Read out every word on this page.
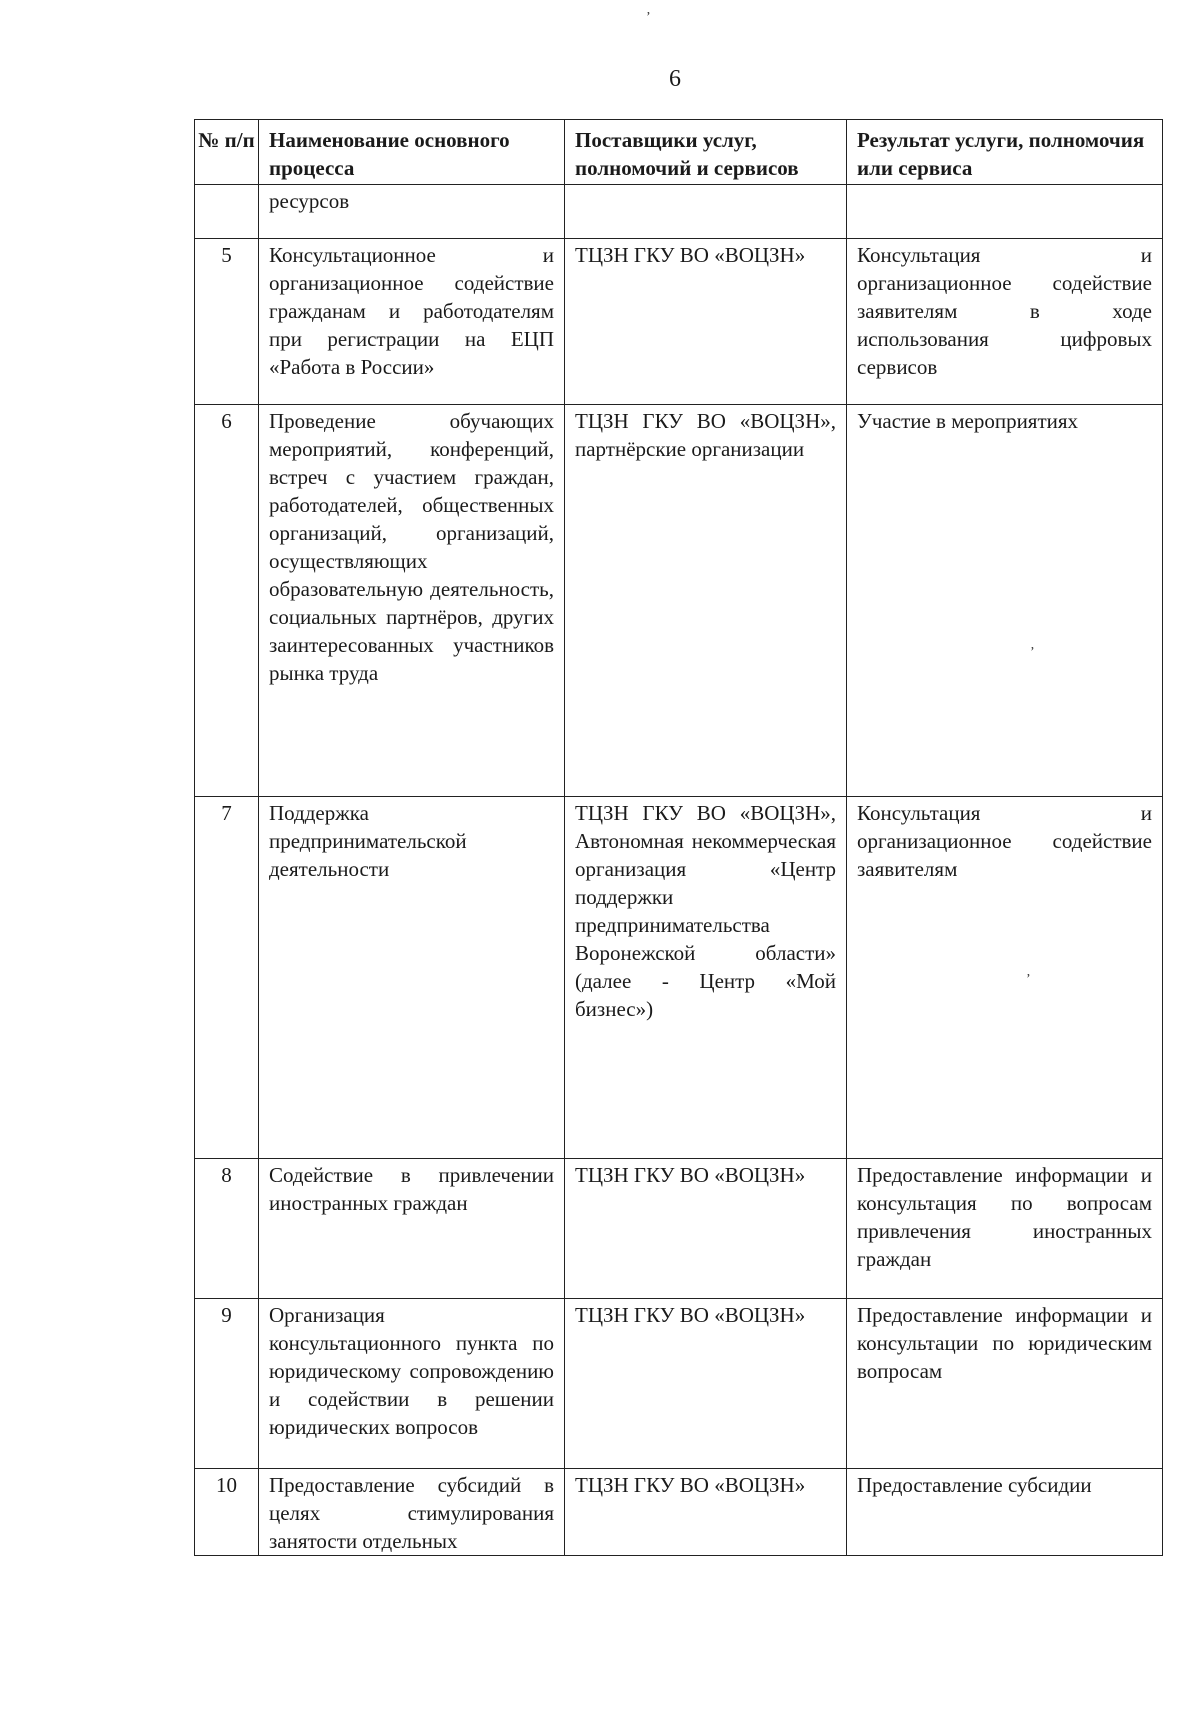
6
ʼ
ʼ
ʼ
№ п/п	Наименование основного процесса	Поставщики услуг, полномочий и сервисов	Результат услуги, полномочия или сервиса
	ресурсов		
5	Консультационное и организационное содействие гражданам и работодателям при регистрации на ЕЦП «Работа в России»	ТЦЗН ГКУ ВО «ВОЦЗН»	Консультация и организационное содействие заявителям в ходе использования цифровых сервисов
6	Проведение обучающих мероприятий, конференций, встреч с участием граждан, работодателей, общественных организаций, организаций, осуществляющих образовательную деятельность, социальных партнёров, других заинтересованных участников рынка труда	ТЦЗН ГКУ ВО «ВОЦЗН», партнёрские организации	Участие в мероприятиях
7	Поддержка предпринимательской деятельности	ТЦЗН ГКУ ВО «ВОЦЗН», Автономная некоммерческая организация «Центр поддержки предпринимательства Воронежской области» (далее - Центр «Мой бизнес»)	Консультация и организационное содействие заявителям
8	Содействие в привлечении иностранных граждан	ТЦЗН ГКУ ВО «ВОЦЗН»	Предоставление информации и консультация по вопросам привлечения иностранных граждан
9	Организация консультационного пункта по юридическому сопровождению и содействии в решении юридических вопросов	ТЦЗН ГКУ ВО «ВОЦЗН»	Предоставление информации и консультации по юридическим вопросам
10	Предоставление субсидий в целях стимулирования занятости отдельных	ТЦЗН ГКУ ВО «ВОЦЗН»	Предоставление субсидии
